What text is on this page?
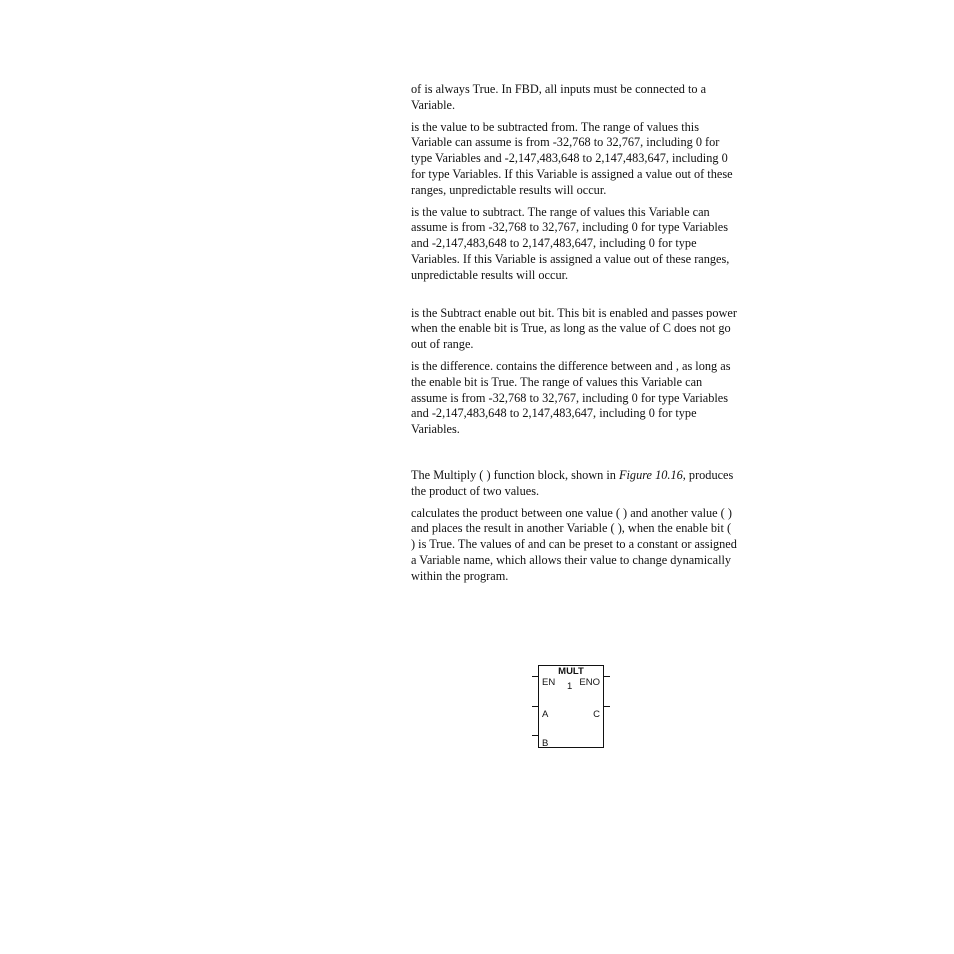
of is always True. In FBD, all inputs must be connected to a Variable.

is the value to be subtracted from. The range of values this Variable can assume is from -32,768 to 32,767, including 0 for type Variables and -2,147,483,648 to 2,147,483,647, including 0 for type Variables. If this Variable is assigned a value out of these ranges, unpredictable results will occur.

is the value to subtract. The range of values this Variable can assume is from -32,768 to 32,767, including 0 for type Variables and -2,147,483,648 to 2,147,483,647, including 0 for type Variables. If this Variable is assigned a value out of these ranges, unpredictable results will occur.

is the Subtract enable out bit. This bit is enabled and passes power when the enable bit is True, as long as the value of C does not go out of range.

is the difference. contains the difference between and , as long as the enable bit is True. The range of values this Variable can assume is from -32,768 to 32,767, including 0 for type Variables and -2,147,483,648 to 2,147,483,647, including 0 for type Variables.

The Multiply ( ) function block, shown in Figure 10.16, produces the product of two values.

calculates the product between one value ( ) and another value ( ) and places the result in another Variable ( ), when the enable bit ( ) is True. The values of and can be preset to a constant or assigned a Variable name, which allows their value to change dynamically within the program.

MULT
EN 1 ENO
A	C
B
